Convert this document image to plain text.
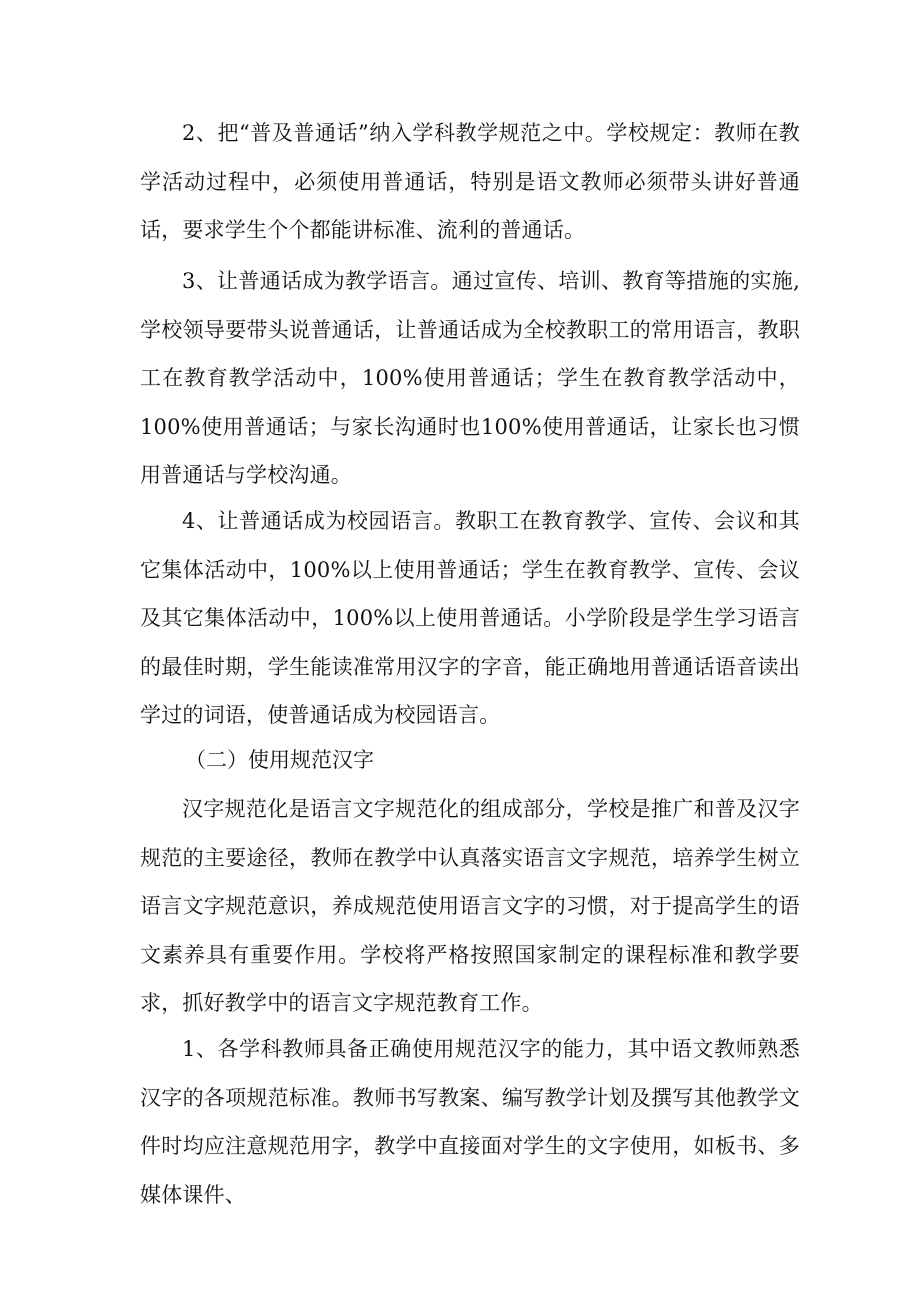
2、把“普及普通话”纳入学科教学规范之中。学校规定：教师在教学活动过程中，必须使用普通话，特别是语文教师必须带头讲好普通话，要求学生个个都能讲标准、流利的普通话。

3、让普通话成为教学语言。通过宣传、培训、教育等措施的实施,学校领导要带头说普通话，让普通话成为全校教职工的常用语言，教职工在教育教学活动中，100%使用普通话；学生在教育教学活动中，100%使用普通话；与家长沟通时也100%使用普通话，让家长也习惯用普通话与学校沟通。

4、让普通话成为校园语言。教职工在教育教学、宣传、会议和其它集体活动中，100%以上使用普通话；学生在教育教学、宣传、会议及其它集体活动中，100%以上使用普通话。小学阶段是学生学习语言的最佳时期，学生能读准常用汉字的字音，能正确地用普通话语音读出学过的词语，使普通话成为校园语言。

（二）使用规范汉字

汉字规范化是语言文字规范化的组成部分，学校是推广和普及汉字规范的主要途径，教师在教学中认真落实语言文字规范，培养学生树立语言文字规范意识，养成规范使用语言文字的习惯，对于提高学生的语文素养具有重要作用。学校将严格按照国家制定的课程标准和教学要求，抓好教学中的语言文字规范教育工作。

1、各学科教师具备正确使用规范汉字的能力，其中语文教师熟悉汉字的各项规范标准。教师书写教案、编写教学计划及撰写其他教学文件时均应注意规范用字，教学中直接面对学生的文字使用，如板书、多媒体课件、
